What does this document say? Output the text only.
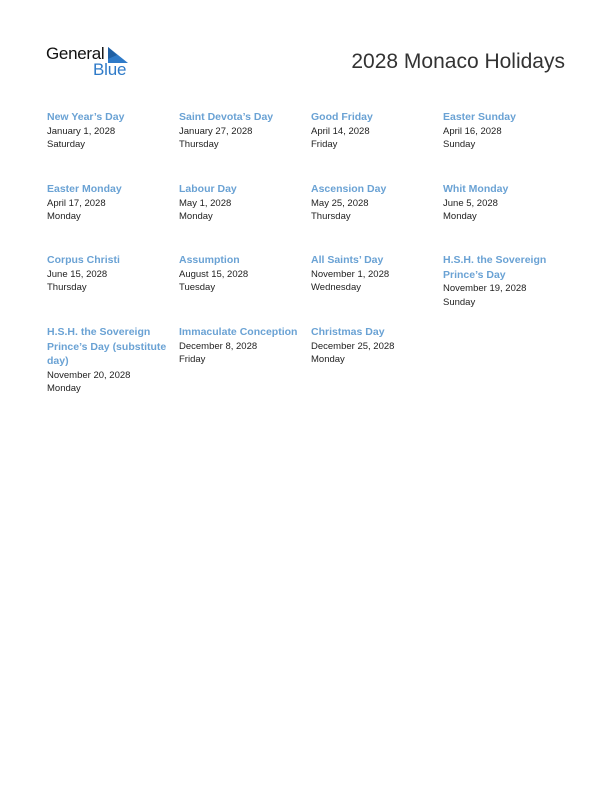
General
Blue	2028 Monaco Holidays
New Year’s Day
January 1, 2028
Saturday
Saint Devota’s Day
January 27, 2028
Thursday
Good Friday
April 14, 2028
Friday
Easter Sunday
April 16, 2028
Sunday
Easter Monday
April 17, 2028
Monday
Labour Day
May 1, 2028
Monday
Ascension Day
May 25, 2028
Thursday
Whit Monday
June 5, 2028
Monday
Corpus Christi
June 15, 2028
Thursday
Assumption
August 15, 2028
Tuesday
All Saints’ Day
November 1, 2028
Wednesday
H.S.H. the Sovereign Prince’s Day
November 19, 2028
Sunday
H.S.H. the Sovereign Prince’s Day (substitute day)
November 20, 2028
Monday
Immaculate Conception
December 8, 2028
Friday
Christmas Day
December 25, 2028
Monday
